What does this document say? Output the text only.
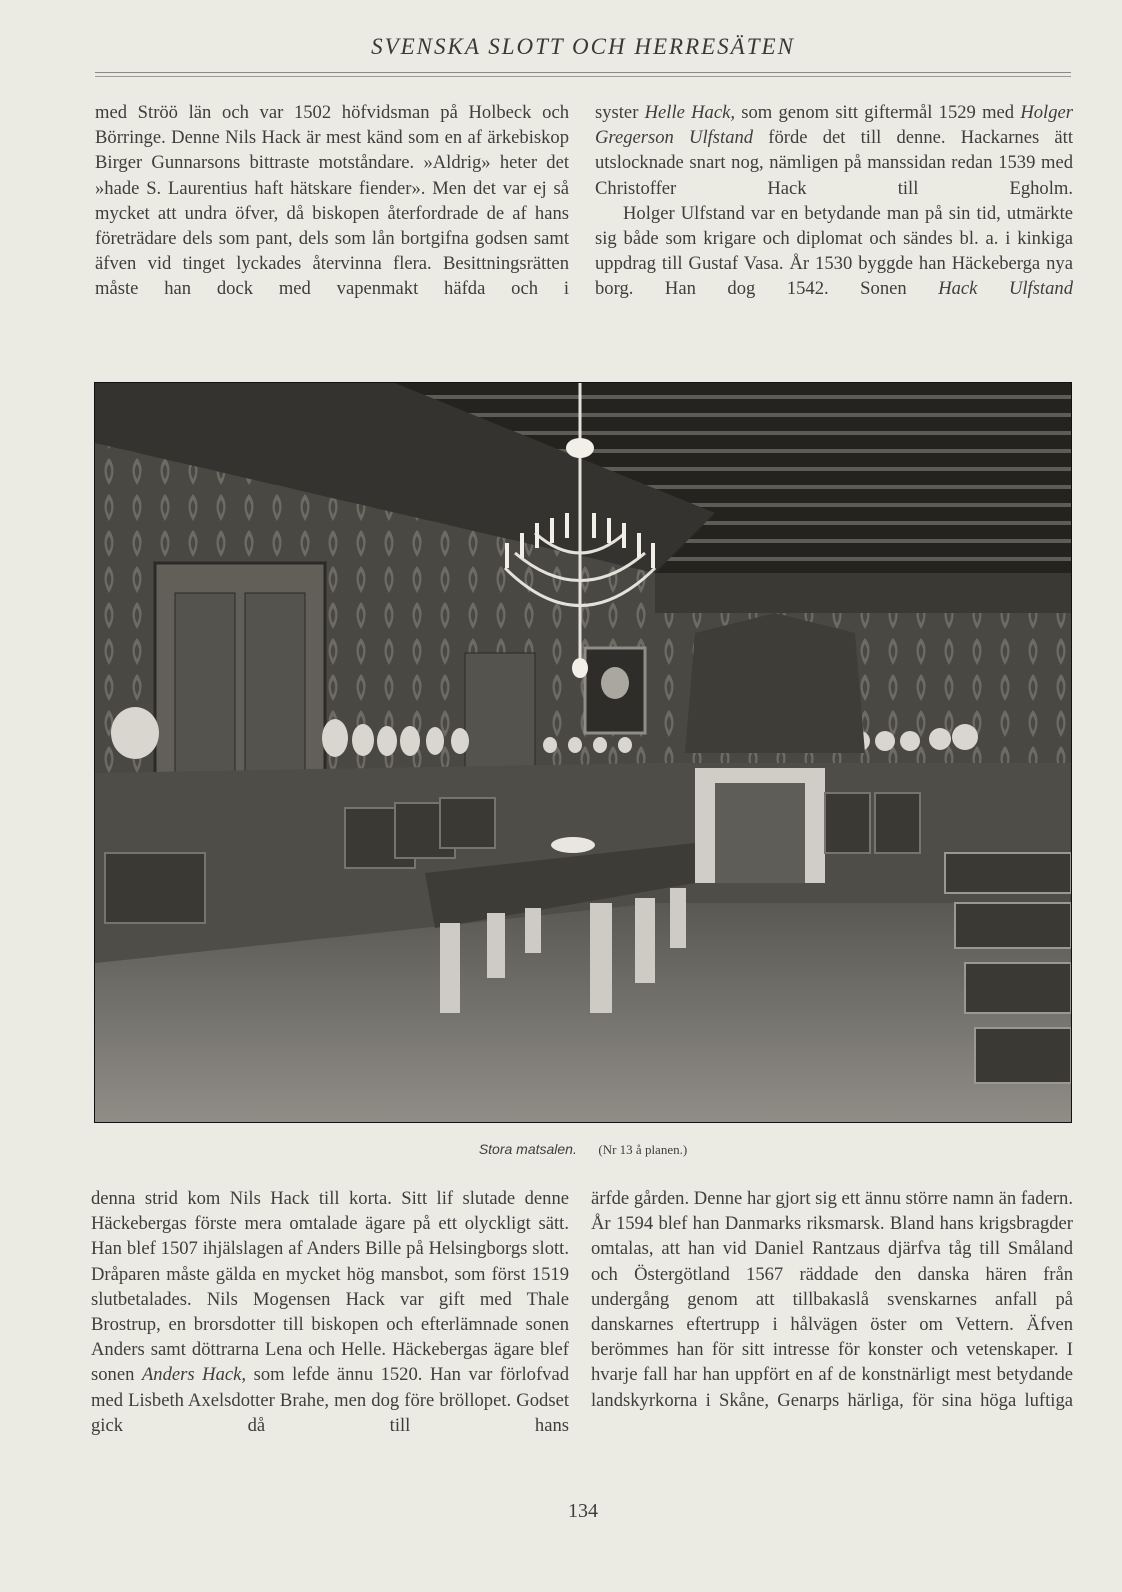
SVENSKA SLOTT OCH HERRESÄTEN

med Ströö län och var 1502 höfvidsman på Holbeck och Börringe. Denne Nils Hack är mest känd som en af ärkebiskop Birger Gunnarsons bittraste motståndare. »Aldrig» heter det »hade S. Laurentius haft hätskare fiender». Men det var ej så mycket att undra öfver, då biskopen återfordrade de af hans företrädare dels som pant, dels som lån bortgifna godsen samt äfven vid tinget lyckades återvinna flera. Besittningsrätten måste han dock med vapenmakt häfda och i

syster Helle Hack, som genom sitt giftermål 1529 med Holger Gregerson Ulfstand förde det till denne. Hackarnes ätt utslocknade snart nog, nämligen på manssidan redan 1539 med Christoffer Hack till Egholm.

Holger Ulfstand var en betydande man på sin tid, utmärkte sig både som krigare och diplomat och sändes bl. a. i kinkiga uppdrag till Gustaf Vasa. År 1530 byggde han Häckeberga nya borg. Han dog 1542. Sonen Hack Ulfstand

Stora matsalen. (Nr 13 å planen.)

denna strid kom Nils Hack till korta. Sitt lif slutade denne Häckebergas förste mera omtalade ägare på ett olyckligt sätt. Han blef 1507 ihjälslagen af Anders Bille på Helsingborgs slott. Dråparen måste gälda en mycket hög mansbot, som först 1519 slutbetalades. Nils Mogensen Hack var gift med Thale Brostrup, en brorsdotter till biskopen och efterlämnade sonen Anders samt döttrarna Lena och Helle. Häckebergas ägare blef sonen Anders Hack, som lefde ännu 1520. Han var förlofvad med Lisbeth Axelsdotter Brahe, men dog före bröllopet. Godset gick då till hans

ärfde gården. Denne har gjort sig ett ännu större namn än fadern. År 1594 blef han Danmarks riksmarsk. Bland hans krigsbragder omtalas, att han vid Daniel Rantzaus djärfva tåg till Småland och Östergötland 1567 räddade den danska hären från undergång genom att tillbakaslå svenskarnes anfall på danskarnes eftertrupp i hålvägen öster om Vettern. Äfven berömmes han för sitt intresse för konster och vetenskaper. I hvarje fall har han uppfört en af de konstnärligt mest betydande landskyrkorna i Skåne, Genarps härliga, för sina höga luftiga

134
